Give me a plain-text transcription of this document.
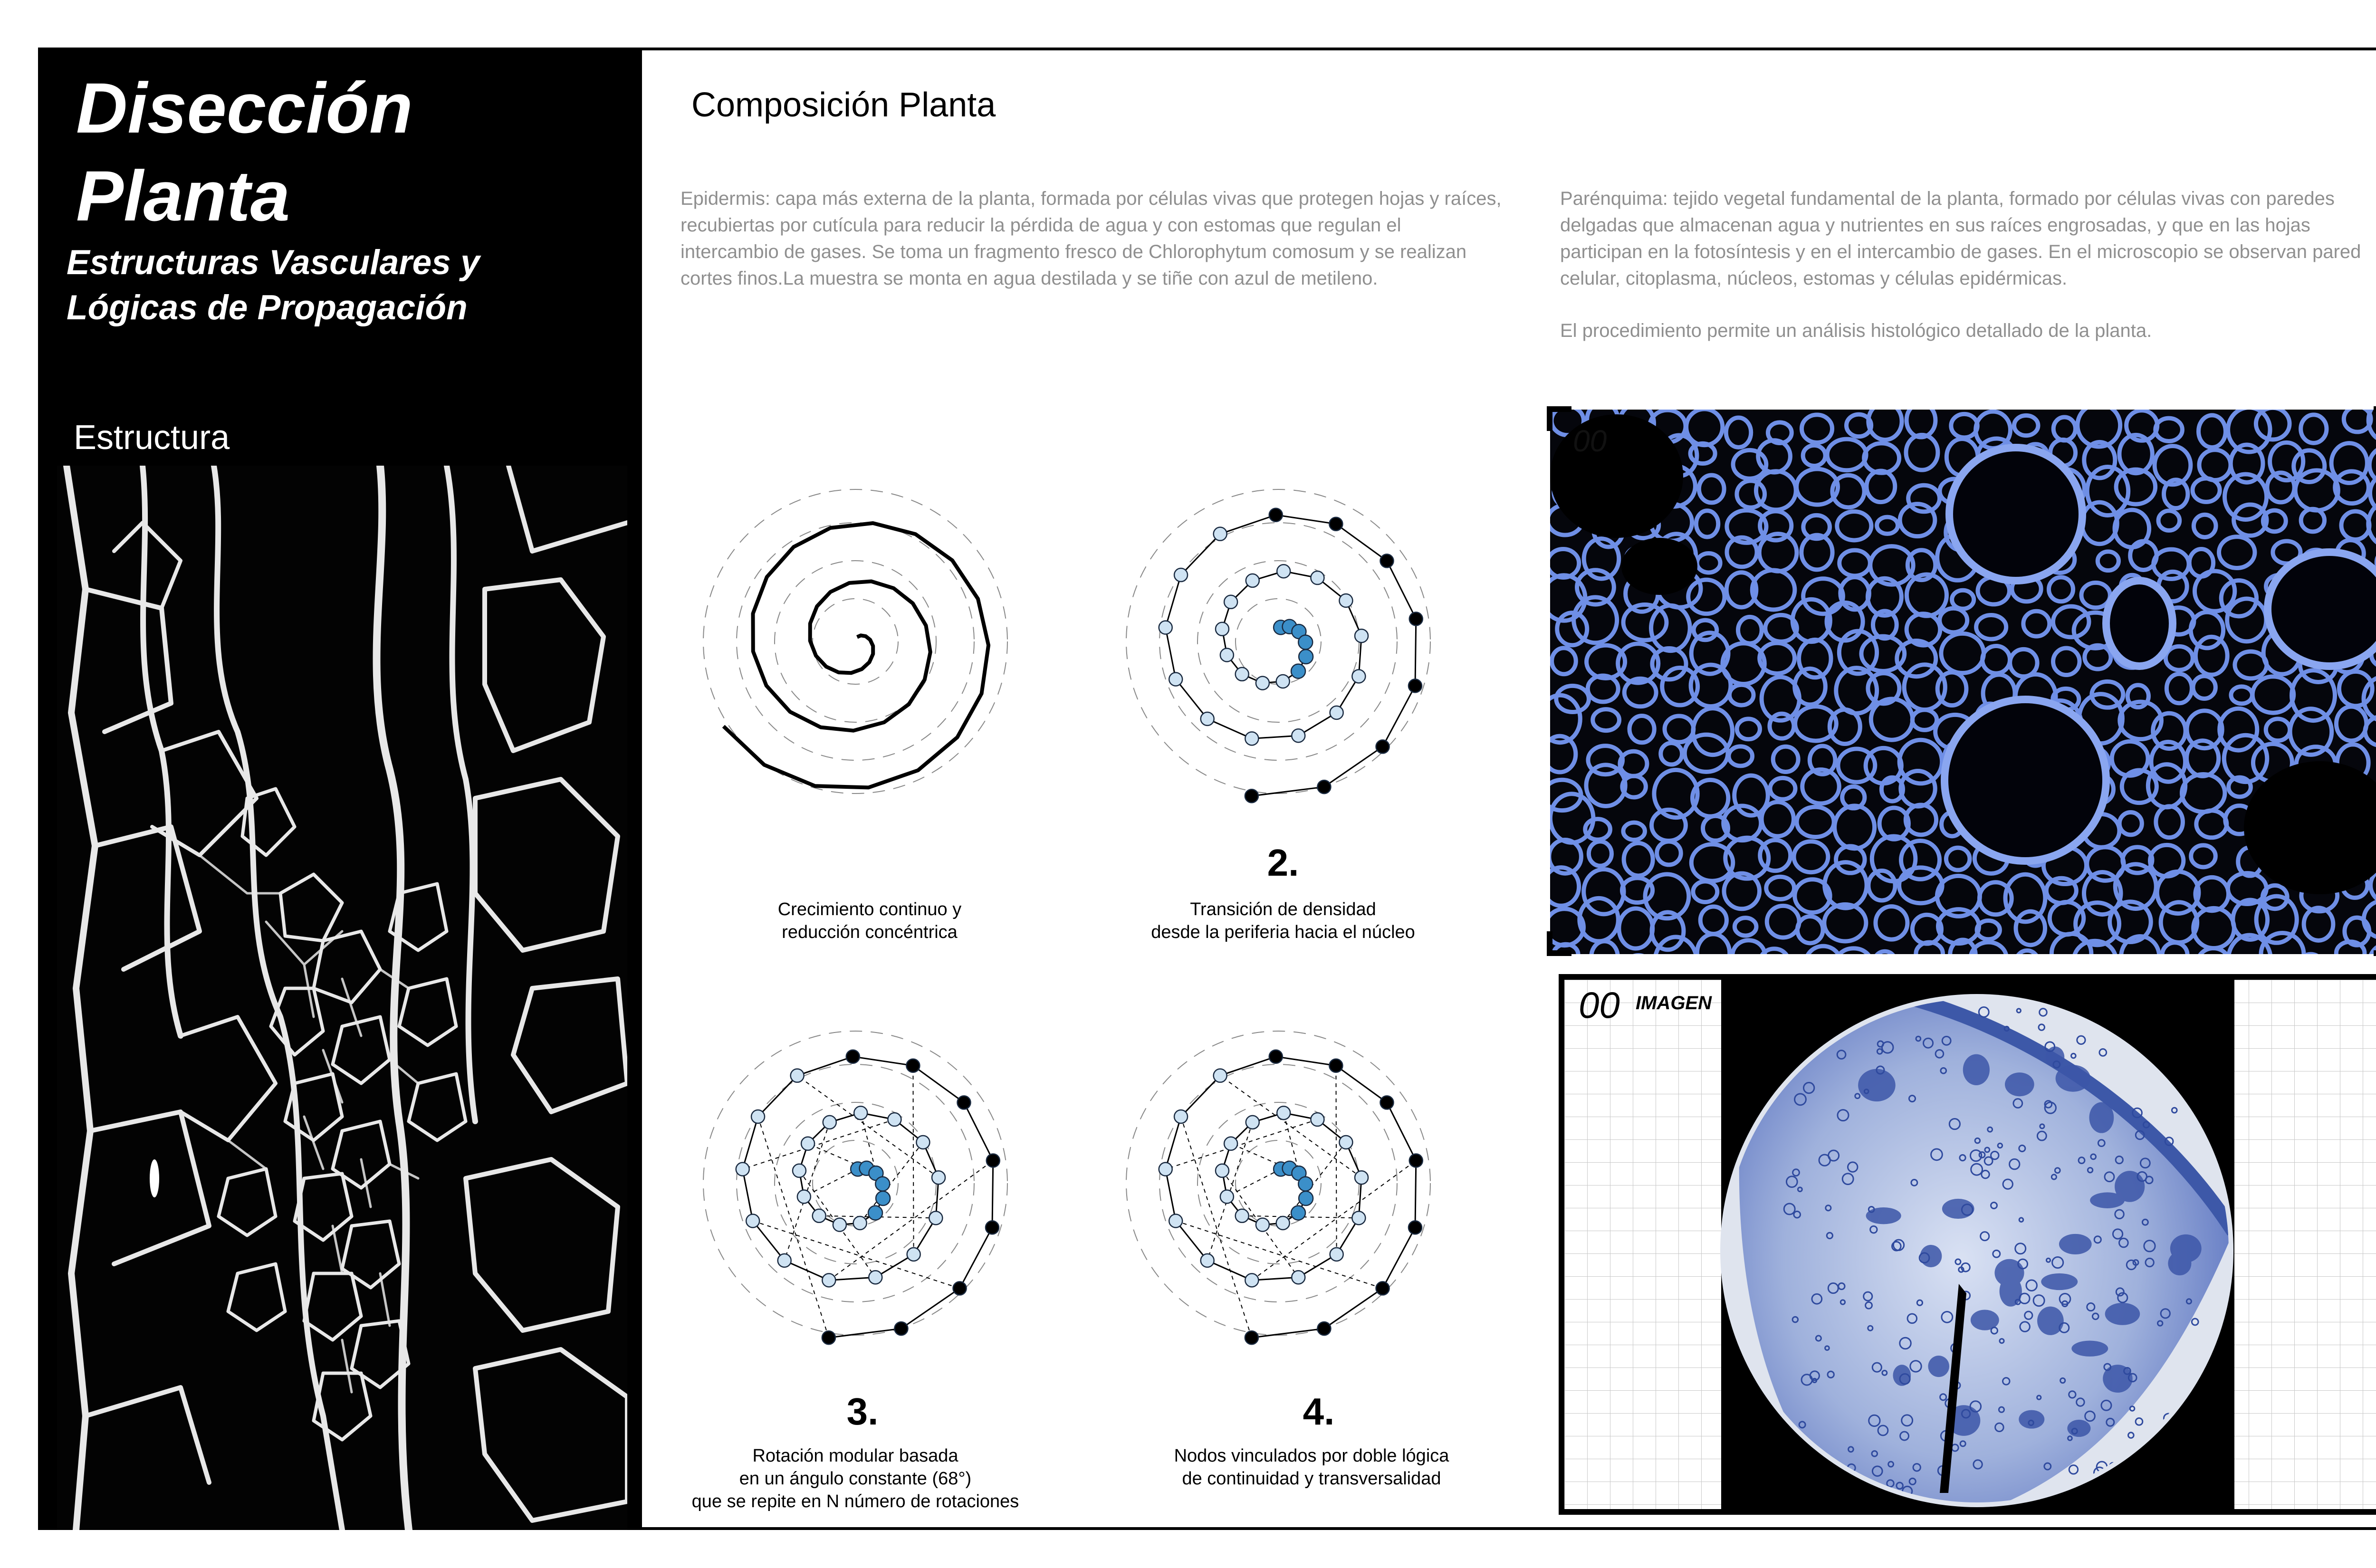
Disección
Planta
Estructuras Vasculares y
Lógicas de Propagación
Estructura
Composición Planta
Epidermis: capa más externa de la planta, formada por células vivas que protegen hojas y raíces, recubiertas por cutícula para reducir la pérdida de agua y con estomas que regulan el intercambio de gases. Se toma un fragmento fresco de Chlorophytum comosum y se realizan cortes finos.La muestra se monta en agua destilada y se tiñe con azul de metileno.
Parénquima: tejido vegetal fundamental de la planta, formado por células vivas con paredes delgadas que almacenan agua y nutrientes en sus raíces engrosadas, y que en las hojas participan en la fotosíntesis y en el intercambio de gases. En el microscopio se observan pared celular, citoplasma, núcleos, estomas y células epidérmicas.
El procedimiento permite un análisis histológico detallado de la planta.
2.
3.	4.
Crecimiento continuo y
reducción concéntrica
Transición de densidad
desde la periferia hacia el núcleo
Rotación modular basada
en un ángulo constante (68°)
que se repite en N número de rotaciones
Nodos vinculados por doble lógica
de continuidad y transversalidad
00
00 IMAGEN
